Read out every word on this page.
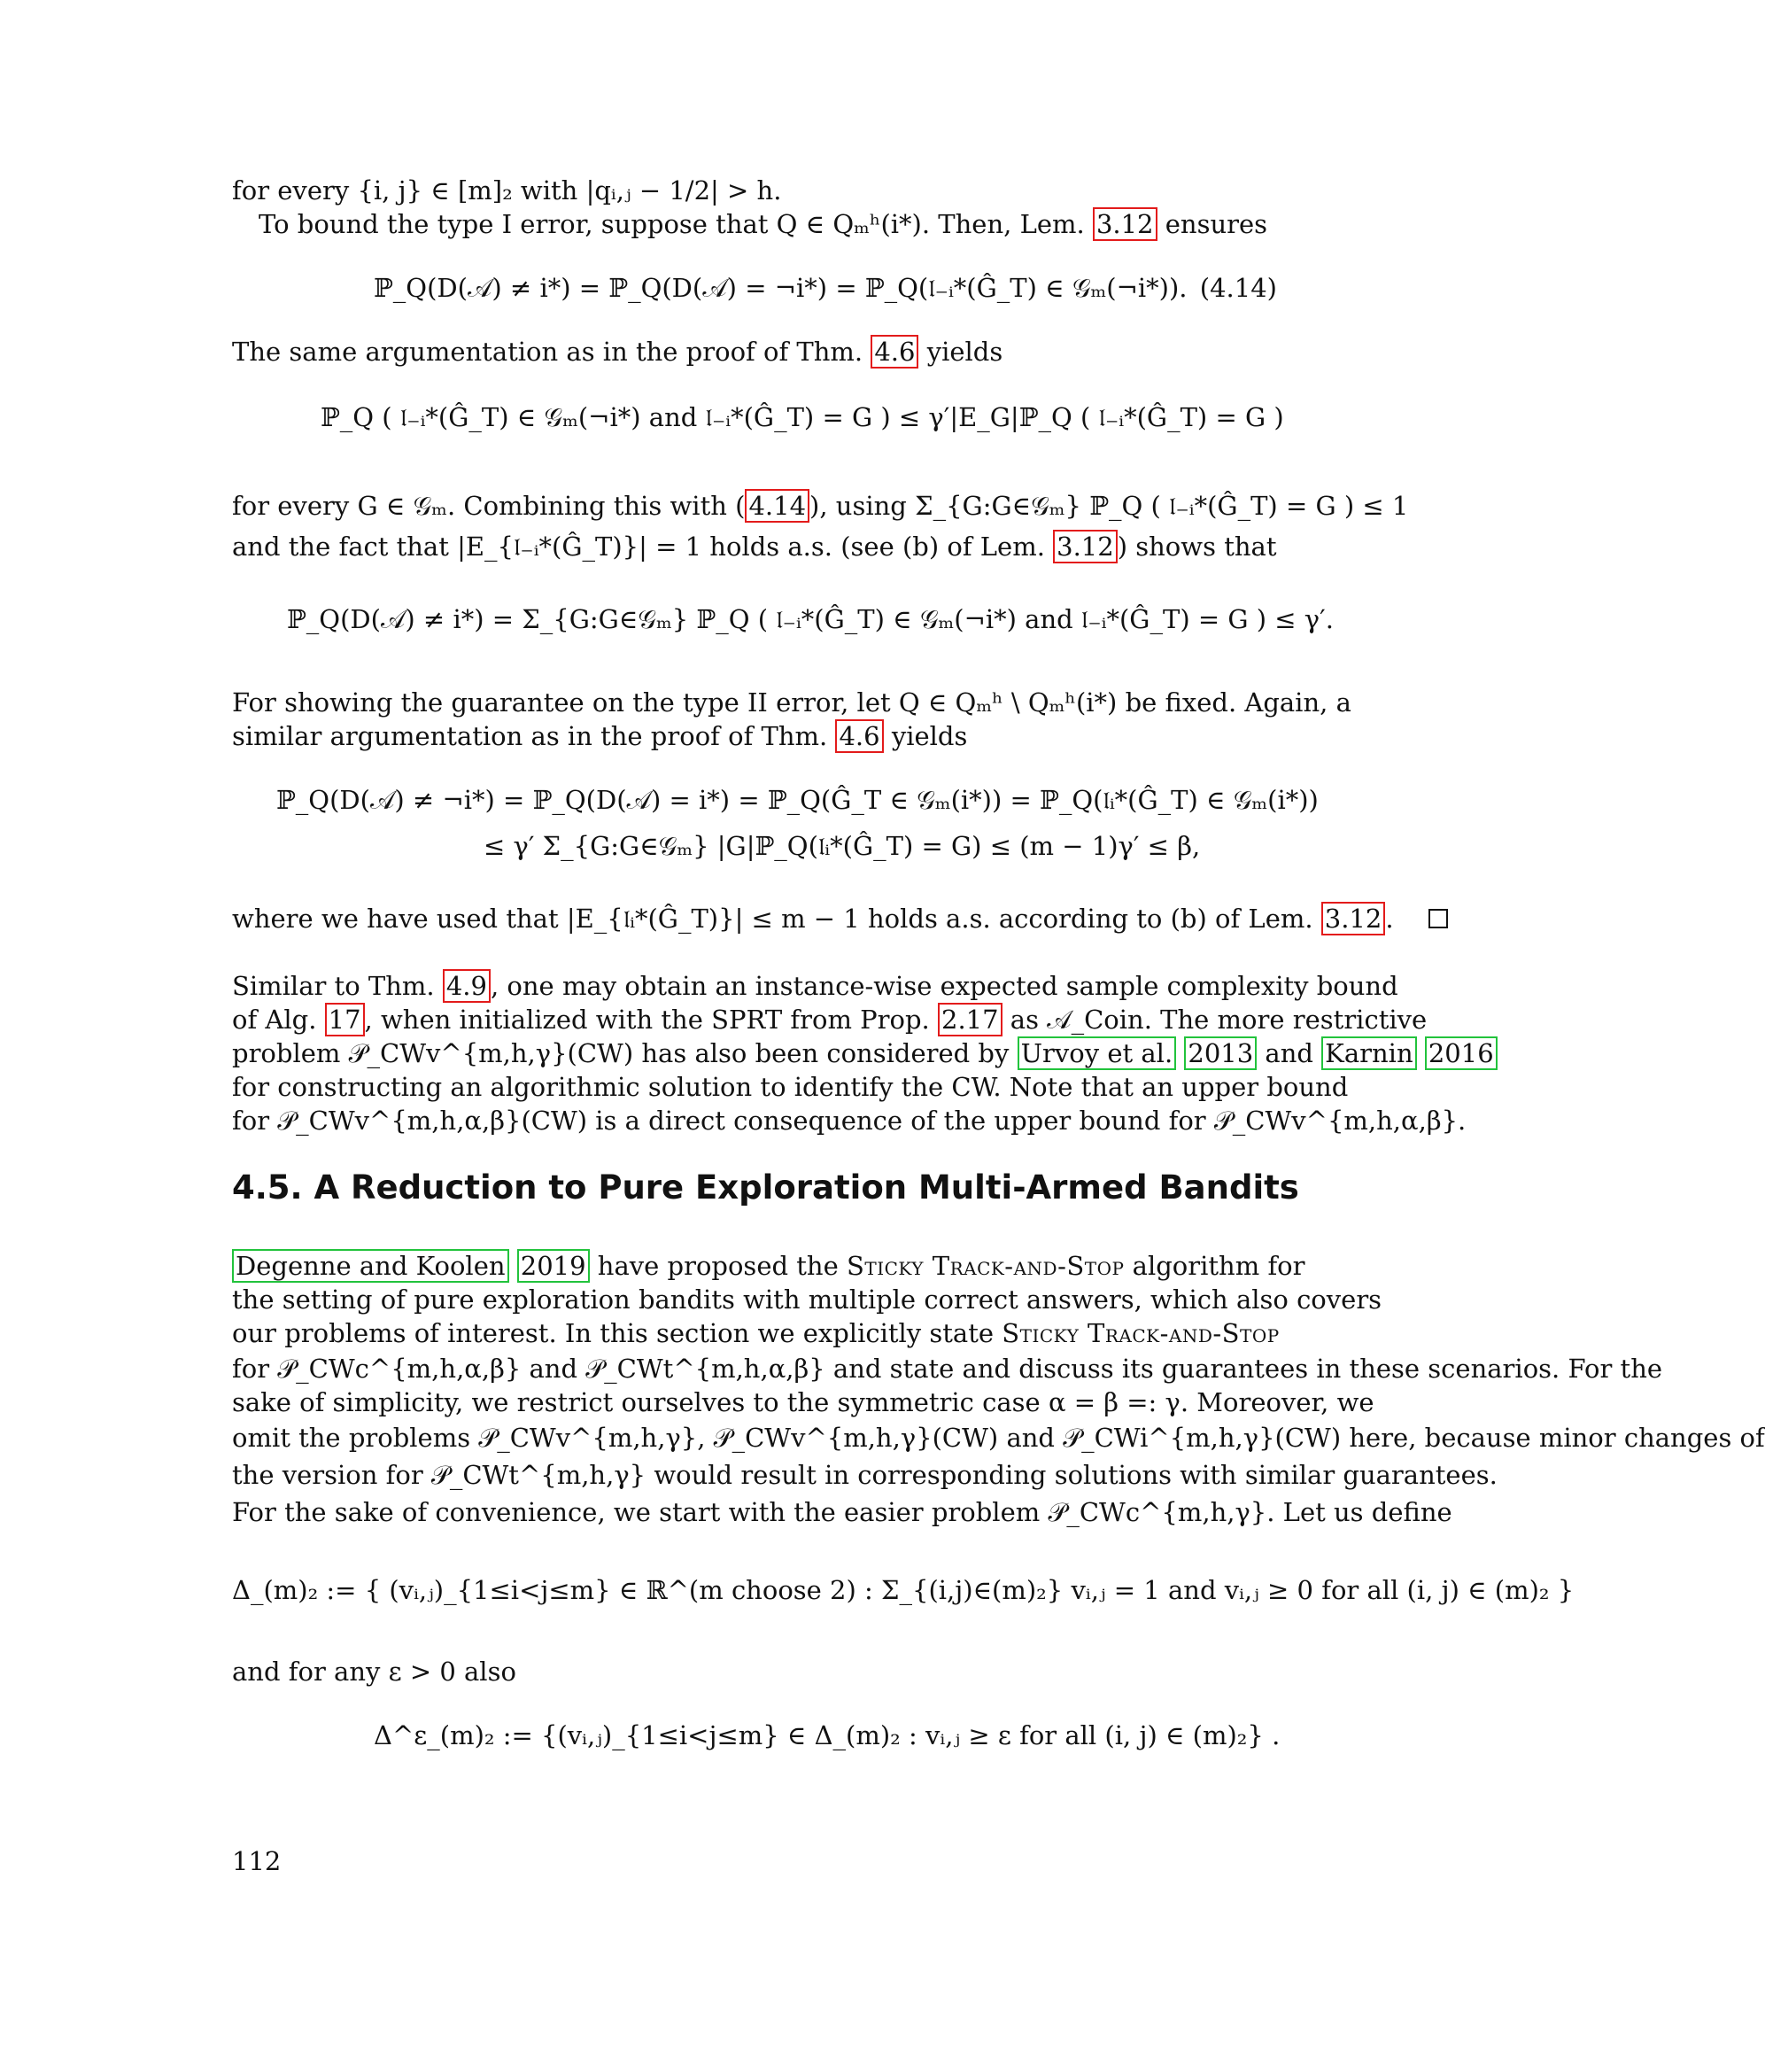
for every {i, j} ∈ [m]₂ with |qᵢ,ⱼ − 1/2| > h.
To bound the type I error, suppose that Q ∈ Qₘʰ(i*). Then, Lem. 3.12 ensures
ℙ_Q(D(𝒜) ≠ i*) = ℙ_Q(D(𝒜) = ¬i*) = ℙ_Q(𝔩₋ᵢ*(Ĝ_T) ∈ 𝒢ₘ(¬i*)). (4.14)
The same argumentation as in the proof of Thm. 4.6 yields
ℙ_Q ( 𝔩₋ᵢ*(Ĝ_T) ∈ 𝒢ₘ(¬i*) and 𝔩₋ᵢ*(Ĝ_T) = G ) ≤ γ′|E_G|ℙ_Q ( 𝔩₋ᵢ*(Ĝ_T) = G )
for every G ∈ 𝒢ₘ. Combining this with ( 4.14 ), using Σ_{G:G∈𝒢ₘ} ℙ_Q ( 𝔩₋ᵢ*(Ĝ_T) = G ) ≤ 1
and the fact that |E_{𝔩₋ᵢ*(Ĝ_T)}| = 1 holds a.s. (see (b) of Lem. 3.12 ) shows that
ℙ_Q(D(𝒜) ≠ i*) = Σ_{G:G∈𝒢ₘ} ℙ_Q ( 𝔩₋ᵢ*(Ĝ_T) ∈ 𝒢ₘ(¬i*) and 𝔩₋ᵢ*(Ĝ_T) = G ) ≤ γ′.
For showing the guarantee on the type II error, let Q ∈ Qₘʰ \ Qₘʰ(i*) be fixed. Again, a
similar argumentation as in the proof of Thm. 4.6 yields
ℙ_Q(D(𝒜) ≠ ¬i*) = ℙ_Q(D(𝒜) = i*) = ℙ_Q(Ĝ_T ∈ 𝒢ₘ(i*)) = ℙ_Q(𝔩ᵢ*(Ĝ_T) ∈ 𝒢ₘ(i*))
≤ γ′ Σ_{G:G∈𝒢ₘ} |G|ℙ_Q(𝔩ᵢ*(Ĝ_T) = G) ≤ (m − 1)γ′ ≤ β,
where we have used that |E_{𝔩ᵢ*(Ĝ_T)}| ≤ m − 1 holds a.s. according to (b) of Lem. 3.12 .
Similar to Thm. 4.9 , one may obtain an instance-wise expected sample complexity bound
of Alg. 17 , when initialized with the SPRT from Prop. 2.17 as 𝒜_Coin. The more restrictive
problem 𝒫_CWv^{m,h,γ}(CW) has also been considered by Urvoy et al. 2013 and Karnin 2016
for constructing an algorithmic solution to identify the CW. Note that an upper bound
for 𝒫_CWv^{m,h,α,β}(CW) is a direct consequence of the upper bound for 𝒫_CWv^{m,h,α,β}.
4.5. A Reduction to Pure Exploration Multi-Armed Bandits
Degenne and Koolen 2019 have proposed the Sticky Track-and-Stop algorithm for
the setting of pure exploration bandits with multiple correct answers, which also covers
our problems of interest. In this section we explicitly state Sticky Track-and-Stop
for 𝒫_CWc^{m,h,α,β} and 𝒫_CWt^{m,h,α,β} and state and discuss its guarantees in these scenarios. For the
sake of simplicity, we restrict ourselves to the symmetric case α = β =: γ. Moreover, we
omit the problems 𝒫_CWv^{m,h,γ}, 𝒫_CWv^{m,h,γ}(CW) and 𝒫_CWi^{m,h,γ}(CW) here, because minor changes of
the version for 𝒫_CWt^{m,h,γ} would result in corresponding solutions with similar guarantees.
For the sake of convenience, we start with the easier problem 𝒫_CWc^{m,h,γ}. Let us define
Δ_(m)₂ := { (vᵢ,ⱼ)_{1≤i<j≤m} ∈ ℝ^(m choose 2) : Σ_{(i,j)∈(m)₂} vᵢ,ⱼ = 1 and vᵢ,ⱼ ≥ 0 for all (i, j) ∈ (m)₂ }
and for any ε > 0 also
Δ^ε_(m)₂ := {(vᵢ,ⱼ)_{1≤i<j≤m} ∈ Δ_(m)₂ : vᵢ,ⱼ ≥ ε for all (i, j) ∈ (m)₂} .
112
